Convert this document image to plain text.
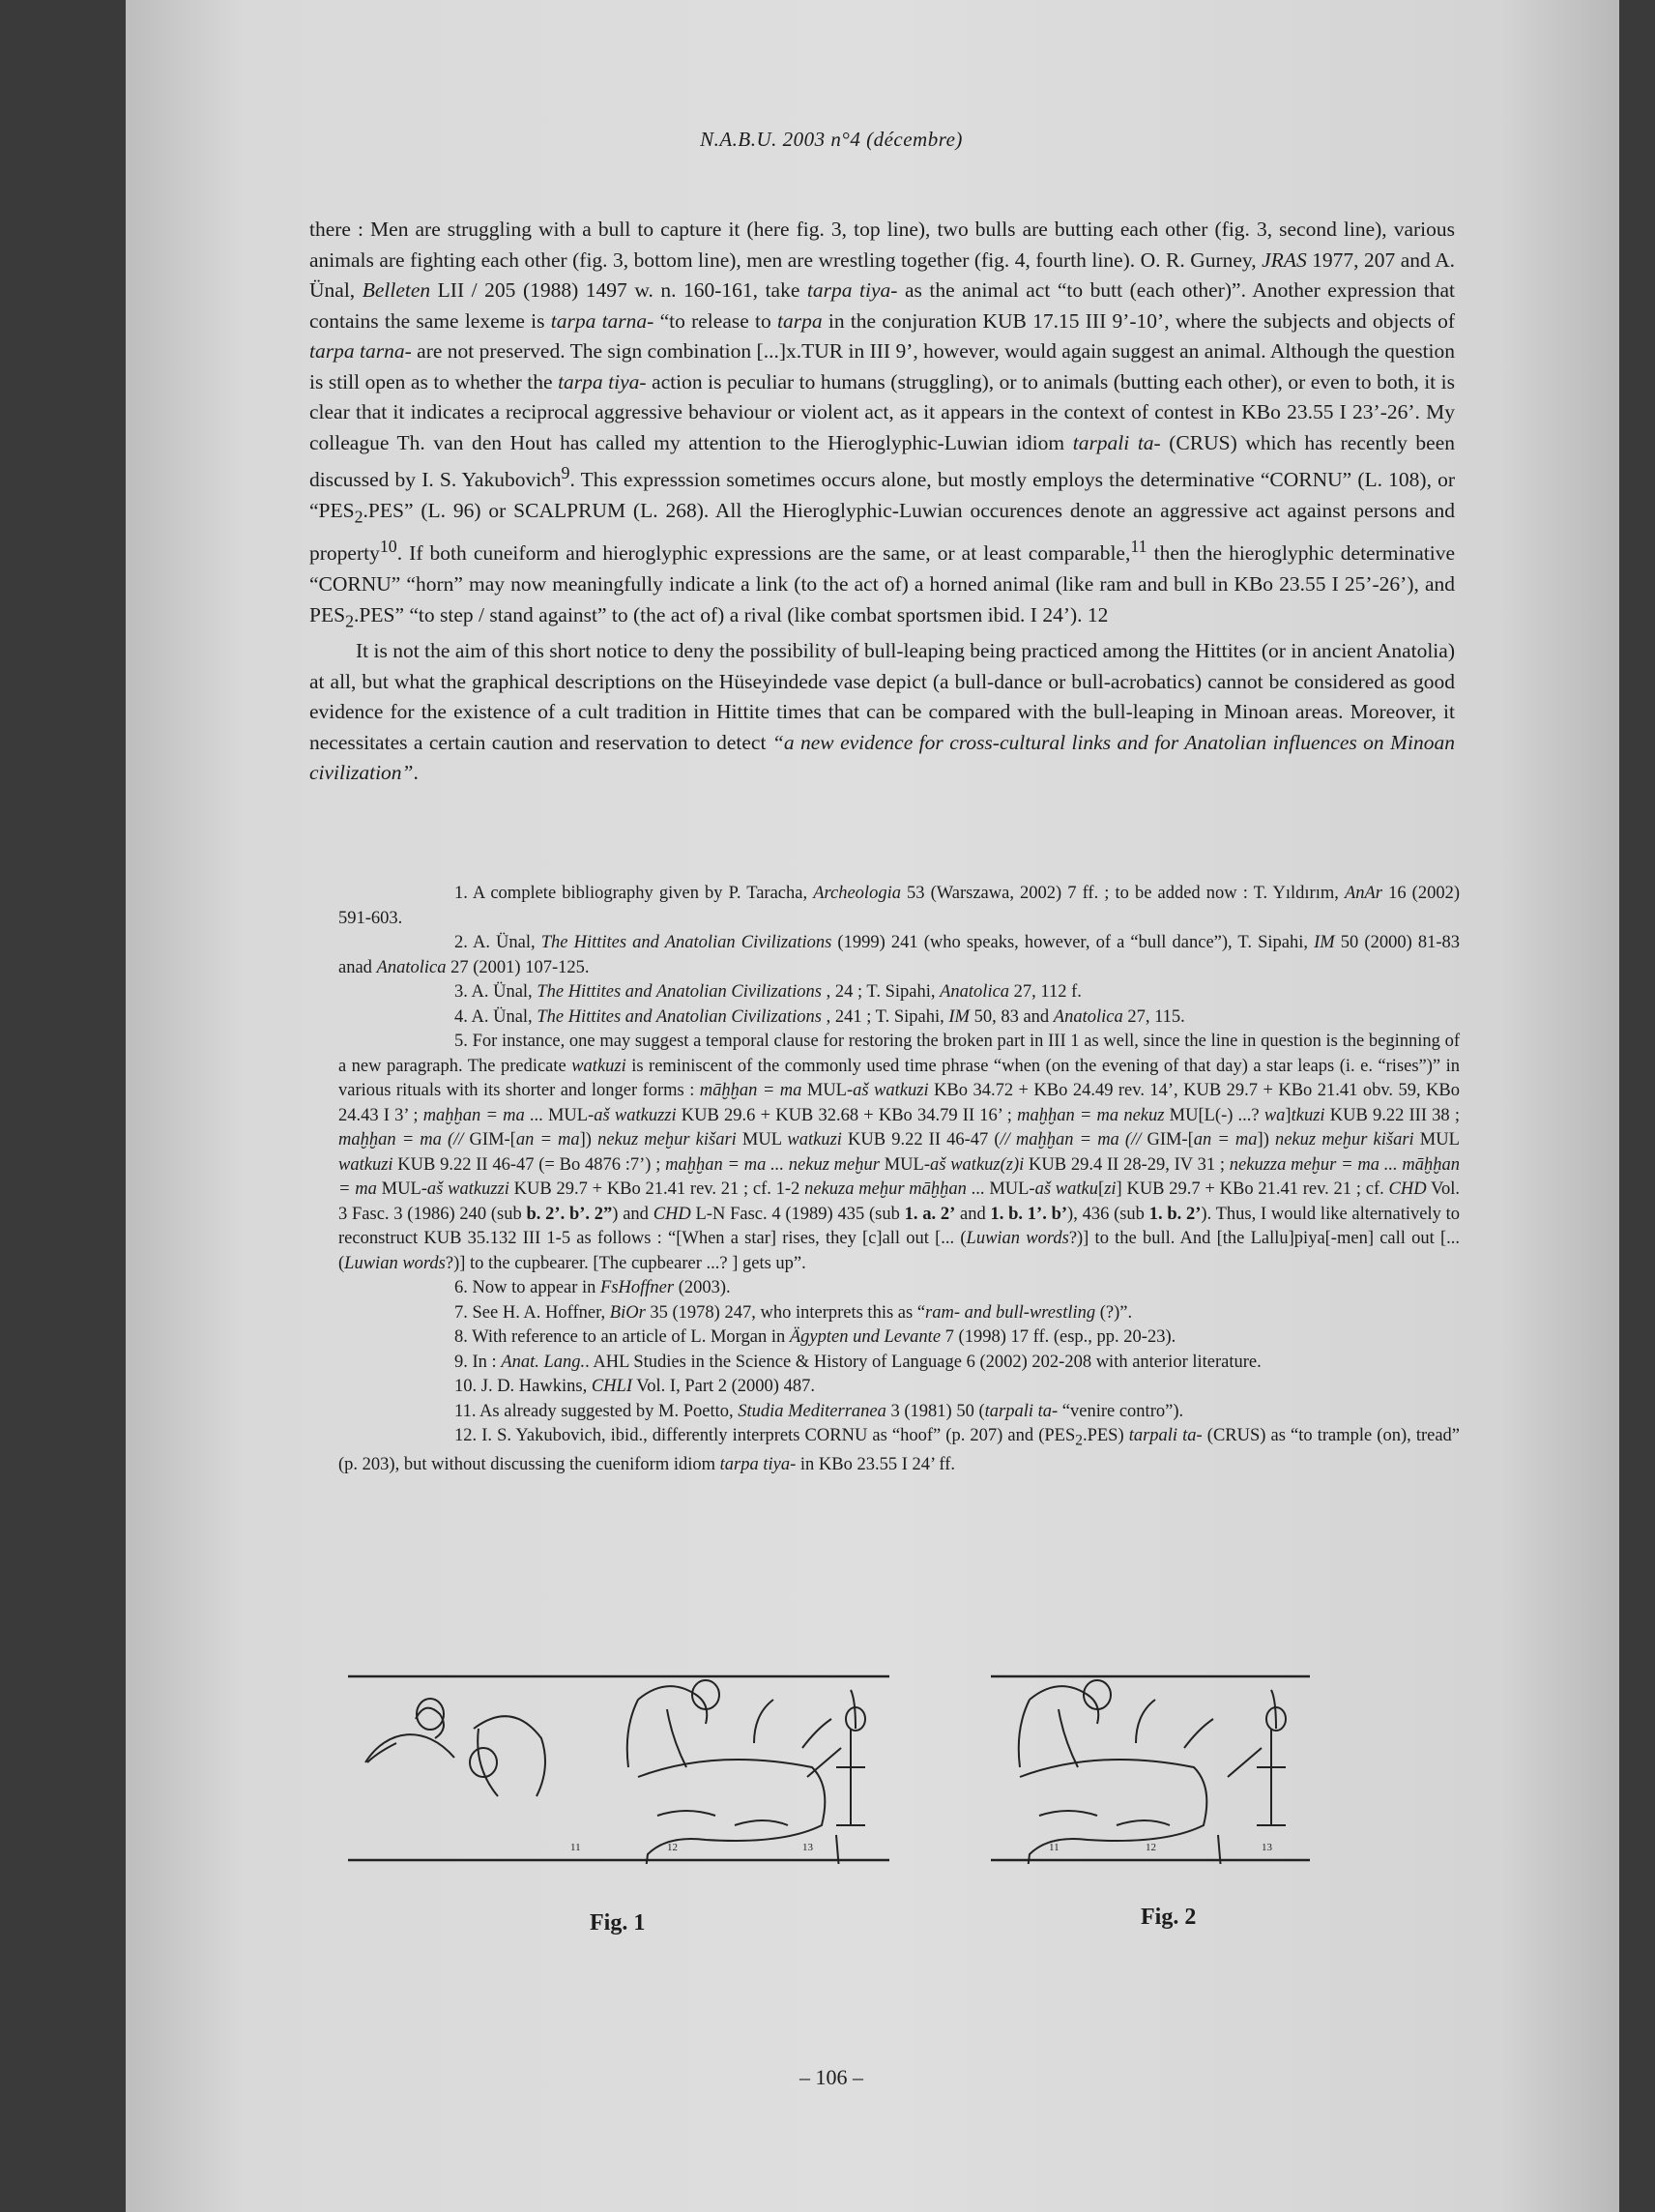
N.A.B.U. 2003 n°4 (décembre)

there : Men are struggling with a bull to capture it (here fig. 3, top line), two bulls are butting each other (fig. 3, second line), various animals are fighting each other (fig. 3, bottom line), men are wrestling together (fig. 4, fourth line). O. R. Gurney, JRAS 1977, 207 and A. Ünal, Belleten LII / 205 (1988) 1497 w. n. 160-161, take tarpa tiya- as the animal act “to butt (each other)”. Another expression that contains the same lexeme is tarpa tarna- “to release to tarpa in the conjuration KUB 17.15 III 9’-10’, where the subjects and objects of tarpa tarna- are not preserved. The sign combination [...]x.TUR in III 9’, however, would again suggest an animal. Although the question is still open as to whether the tarpa tiya- action is peculiar to humans (struggling), or to animals (butting each other), or even to both, it is clear that it indicates a reciprocal aggressive behaviour or violent act, as it appears in the context of contest in KBo 23.55 I 23’-26’. My colleague Th. van den Hout has called my attention to the Hieroglyphic-Luwian idiom tarpali ta- (CRUS) which has recently been discussed by I. S. Yakubovich$^9$. This expresssion sometimes occurs alone, but mostly employs the determinative “CORNU” (L. 108), or “$PES_2.PES$” (L. 96) or SCALPRUM (L. 268). All the Hieroglyphic-Luwian occurences denote an aggressive act against persons and property$^{10}$. If both cuneiform and hieroglyphic expressions are the same, or at least comparable,$^{11}$ then the hieroglyphic determinative “CORNU” “horn” may now meaningfully indicate a link (to the act of) a horned animal (like ram and bull in KBo 23.55 I 25’-26’), and $PES_2.PES$” “to step / stand against” to (the act of) a rival (like combat sportsmen ibid. I 24’). 12

It is not the aim of this short notice to deny the possibility of bull-leaping being practiced among the Hittites (or in ancient Anatolia) at all, but what the graphical descriptions on the Hüseyindede vase depict (a bull-dance or bull-acrobatics) cannot be considered as good evidence for the existence of a cult tradition in Hittite times that can be compared with the bull-leaping in Minoan areas. Moreover, it necessitates a certain caution and reservation to detect “a new evidence for cross-cultural links and for Anatolian influences on Minoan civilization”.

1. A complete bibliography given by P. Taracha, Archeologia 53 (Warszawa, 2002) 7 ff. ; to be added now : T. Yıldırım, AnAr 16 (2002) 591-603.

2. A. Ünal, The Hittites and Anatolian Civilizations (1999) 241 (who speaks, however, of a “bull dance”), T. Sipahi, IM 50 (2000) 81-83 anad Anatolica 27 (2001) 107-125.

3. A. Ünal, The Hittites and Anatolian Civilizations , 24 ; T. Sipahi, Anatolica 27, 112 f.

4. A. Ünal, The Hittites and Anatolian Civilizations , 241 ; T. Sipahi, IM 50, 83 and Anatolica 27, 115.

5. For instance, one may suggest a temporal clause for restoring the broken part in III 1 as well, since the line in question is the beginning of a new paragraph. The predicate watkuzi is reminiscent of the commonly used time phrase “when (on the evening of that day) a star leaps (i. e. “rises”)” in various rituals with its shorter and longer forms : māḫḫan = ma MUL-aš watkuzi KBo 34.72 + KBo 24.49 rev. 14’, KUB 29.7 + KBo 21.41 obv. 59, KBo 24.43 I 3’ ; maḫḫan = ma ... MUL-aš watkuzzi KUB 29.6 + KUB 32.68 + KBo 34.79 II 16’ ; maḫḫan = ma nekuz MU[L(-) ...? wa]tkuzi KUB 9.22 III 38 ; maḫḫan = ma (// GIM-[an = ma]) nekuz meḫur kišari MUL watkuzi KUB 9.22 II 46-47 (// maḫḫan = ma (// GIM-[an = ma]) nekuz meḫur kišari MUL watkuzi KUB 9.22 II 46-47 (= Bo 4876 :7’) ; maḫḫan = ma ... nekuz meḫur MUL-aš watkuz(z)i KUB 29.4 II 28-29, IV 31 ; nekuzza meḫur = ma ... māḫḫan = ma MUL-aš watkuzzi KUB 29.7 + KBo 21.41 rev. 21 ; cf. 1-2 nekuza meḫur māḫḫan ... MUL-aš watku[zi] KUB 29.7 + KBo 21.41 rev. 21 ; cf. CHD Vol. 3 Fasc. 3 (1986) 240 (sub b. 2’. b’. 2”) and CHD L-N Fasc. 4 (1989) 435 (sub 1. a. 2’ and 1. b. 1’. b’), 436 (sub 1. b. 2’). Thus, I would like alternatively to reconstruct KUB 35.132 III 1-5 as follows : “[When a star] rises, they [c]all out [... (Luwian words?)] to the bull. And [the Lallu]piya[-men] call out [... (Luwian words?)] to the cupbearer. [The cupbearer ...? ] gets up”.

6. Now to appear in FsHoffner (2003).

7. See H. A. Hoffner, BiOr 35 (1978) 247, who interprets this as “ram- and bull-wrestling (?)”.

8. With reference to an article of L. Morgan in Ägypten und Levante 7 (1998) 17 ff. (esp., pp. 20-23).

9. In : Anat. Lang.. AHL Studies in the Science & History of Language 6 (2002) 202-208 with anterior literature.

10. J. D. Hawkins, CHLI Vol. I, Part 2 (2000) 487.

11. As already suggested by M. Poetto, Studia Mediterranea 3 (1981) 50 (tarpali ta- “venire contro”).

12. I. S. Yakubovich, ibid., differently interprets CORNU as “hoof” (p. 207) and $(PES_2.PES)$ tarpali ta- (CRUS) as “to trample (on), tread” (p. 203), but without discussing the cueniform idiom tarpa tiya- in KBo 23.55 I 24’ ff.

11	12	13
Fig. 1
11	12	13
Fig. 2
– 106 –
